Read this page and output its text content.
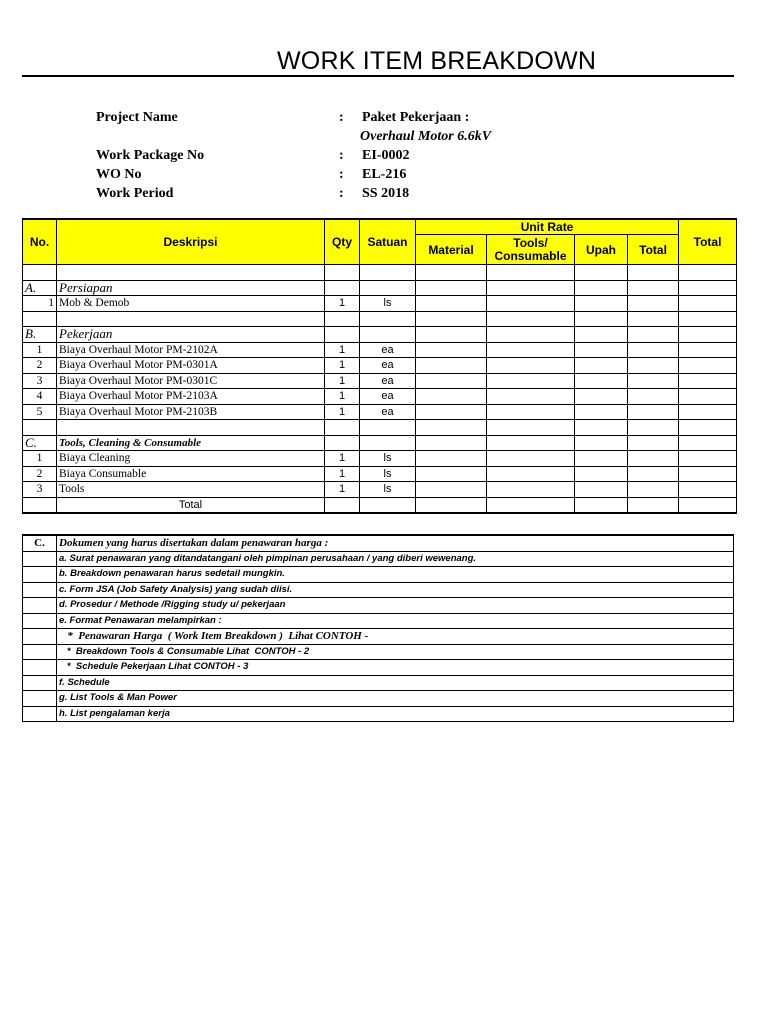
WORK ITEM BREAKDOWN
Project Name	: Paket Pekerjaan :
Overhaul Motor 6.6kV
Work Package No	: EI-0002
WO No	: EL-216
Work Period	: SS 2018
No.	Deskripsi	Qty	Satuan	Unit Rate				Total
				Material	Tools/ Consumable	Upah	Total	

A.	Persiapan							
1	Mob & Demob	1	ls					

B.	Pekerjaan							
1	Biaya Overhaul Motor PM-2102A	1	ea					
2	Biaya Overhaul Motor PM-0301A	1	ea					
3	Biaya Overhaul Motor PM-0301C	1	ea					
4	Biaya Overhaul Motor PM-2103A	1	ea					
5	Biaya Overhaul Motor PM-2103B	1	ea					

C.	Tools, Cleaning & Consumable							
1	Biaya Cleaning	1	ls					
2	Biaya Consumable	1	ls					
3	Tools	1	ls					
	Total							
C.	Dokumen yang harus disertakan dalam penawaran harga :
	a. Surat penawaran yang ditandatangani oleh pimpinan perusahaan / yang diberi wewenang.
	b. Breakdown penawaran harus sedetail mungkin.
	c. Form JSA (Job Safety Analysis) yang sudah diisi.
	d. Prosedur / Methode /Rigging study u/ pekerjaan
	e. Format Penawaran melampirkan :
	*  Penawaran Harga  ( Work Item Breakdown )  Lihat CONTOH -
	*  Breakdown Tools & Consumable Lihat  CONTOH - 2
	*  Schedule Pekerjaan Lihat CONTOH - 3
	f. Schedule
	g. List Tools & Man Power
	h. List pengalaman kerja
